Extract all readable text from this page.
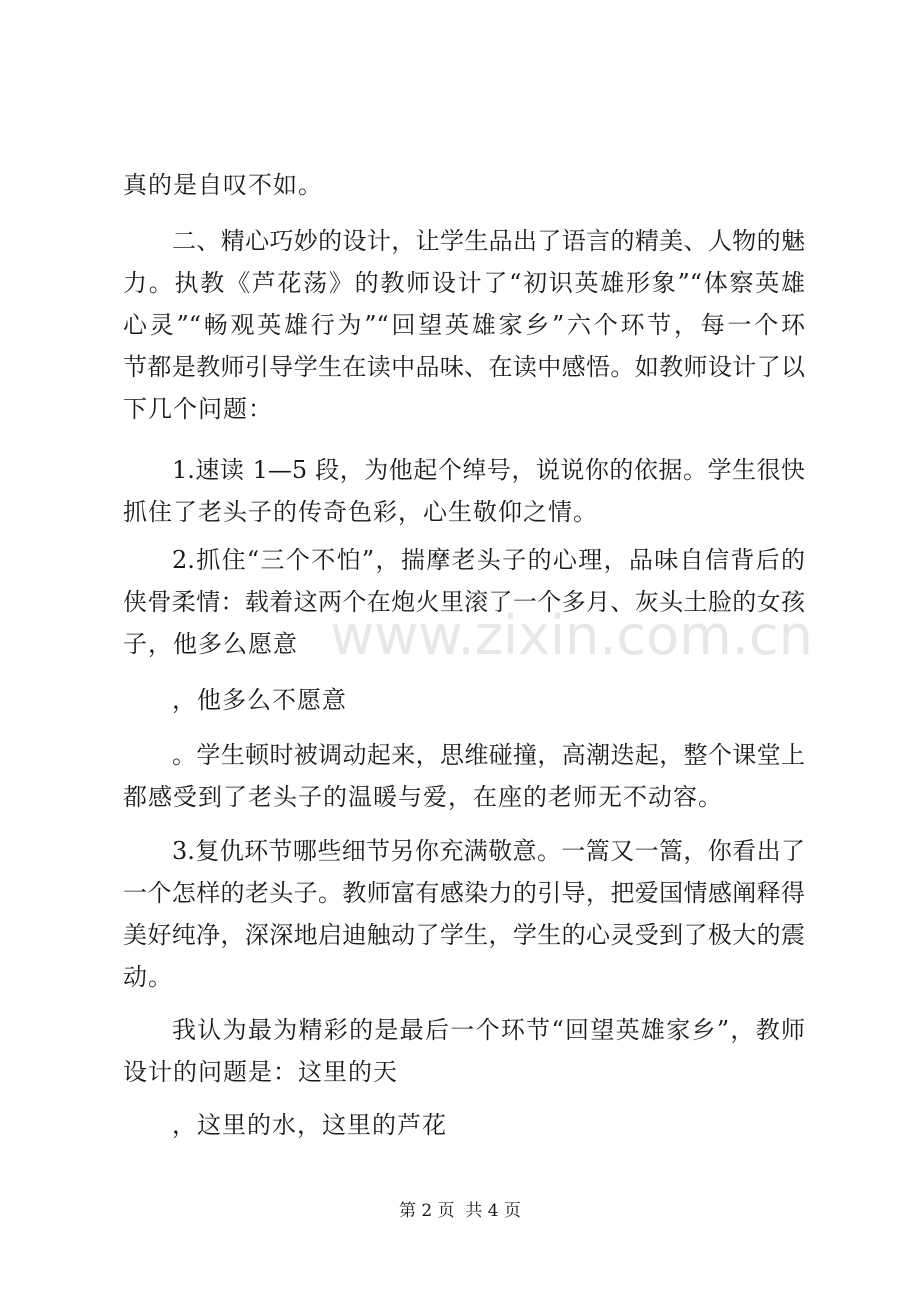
真的是自叹不如。
二、精心巧妙的设计，让学生品出了语言的精美、人物的魅
力。执教《芦花荡》的教师设计了“初识英雄形象”“体察英雄
心灵”“畅观英雄行为”“回望英雄家乡”六个环节，每一个环
节都是教师引导学生在读中品味、在读中感悟。如教师设计了以
下几个问题：
1.速读 1—5 段，为他起个绰号，说说你的依据。学生很快
抓住了老头子的传奇色彩，心生敬仰之情。
2.抓住“三个不怕”，揣摩老头子的心理，品味自信背后的
侠骨柔情：载着这两个在炮火里滚了一个多月、灰头土脸的女孩
子，他多么愿意
，他多么不愿意
。学生顿时被调动起来，思维碰撞，高潮迭起，整个课堂上
都感受到了老头子的温暖与爱，在座的老师无不动容。
3.复仇环节哪些细节另你充满敬意。一篙又一篙，你看出了
一个怎样的老头子。教师富有感染力的引导，把爱国情感阐释得
美好纯净，深深地启迪触动了学生，学生的心灵受到了极大的震
动。
我认为最为精彩的是最后一个环节“回望英雄家乡”，教师
设计的问题是：这里的天
，这里的水，这里的芦花
www.zixin.com.cn
第 2 页  共 4 页
